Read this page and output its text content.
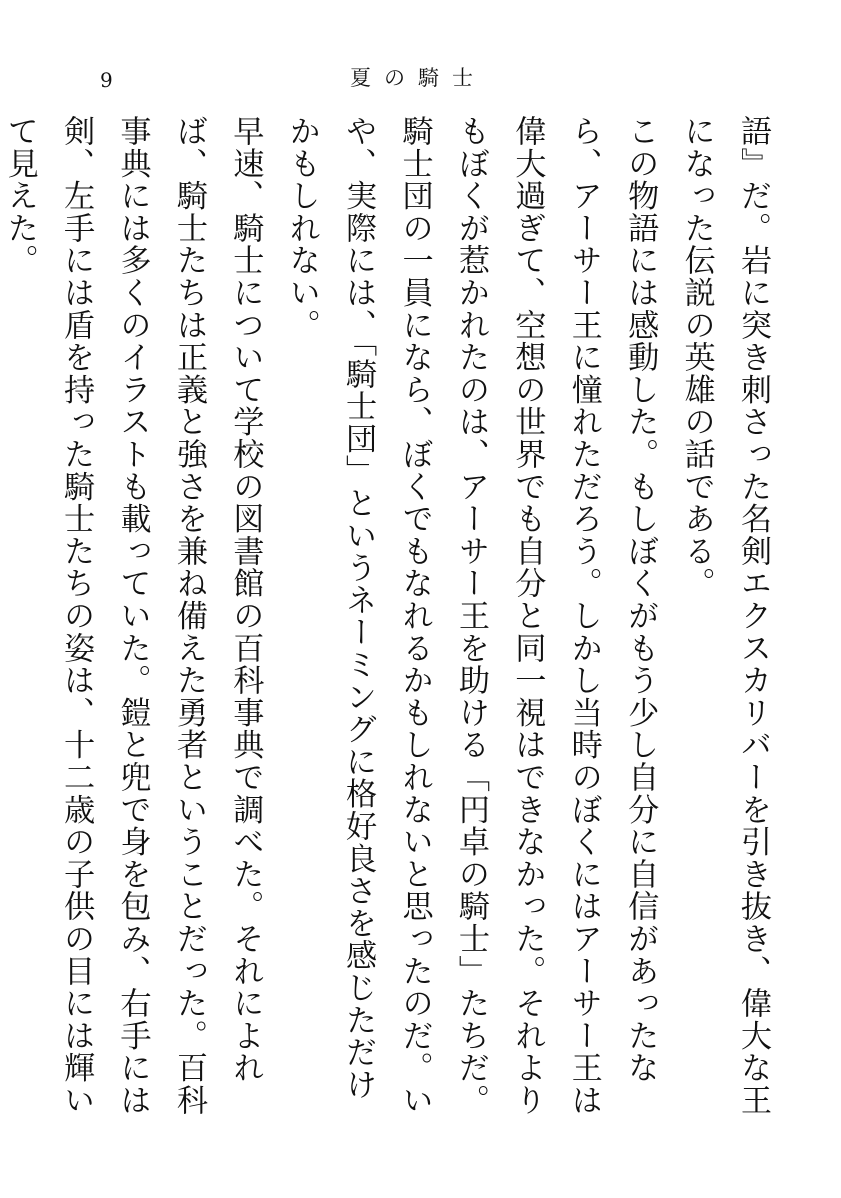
9	夏の騎士

語』だ。岩に突き刺さった名剣エクスカリバーを引き抜き、偉大な王になった伝説の英雄の話である。

この物語には感動した。もしぼくがもう少し自分に自信があったなら、アーサー王に憧れただろう。しかし当時のぼくにはアーサー王は偉大過ぎて、空想の世界でも自分と同一視はできなかった。それよりもぼくが惹かれたのは、アーサー王を助ける「円卓の騎士」たちだ。騎士団の一員になら、ぼくでもなれるかもしれないと思ったのだ。いや、実際には、「騎士団」というネーミングに格好良さを感じただけかもしれない。

早速、騎士について学校の図書館の百科事典で調べた。それによれば、騎士たちは正義と強さを兼ね備えた勇者ということだった。百科事典には多くのイラストも載っていた。鎧と兜で身を包み、右手には剣、左手には盾を持った騎士たちの姿は、十二歳の子供の目には輝いて見えた。
